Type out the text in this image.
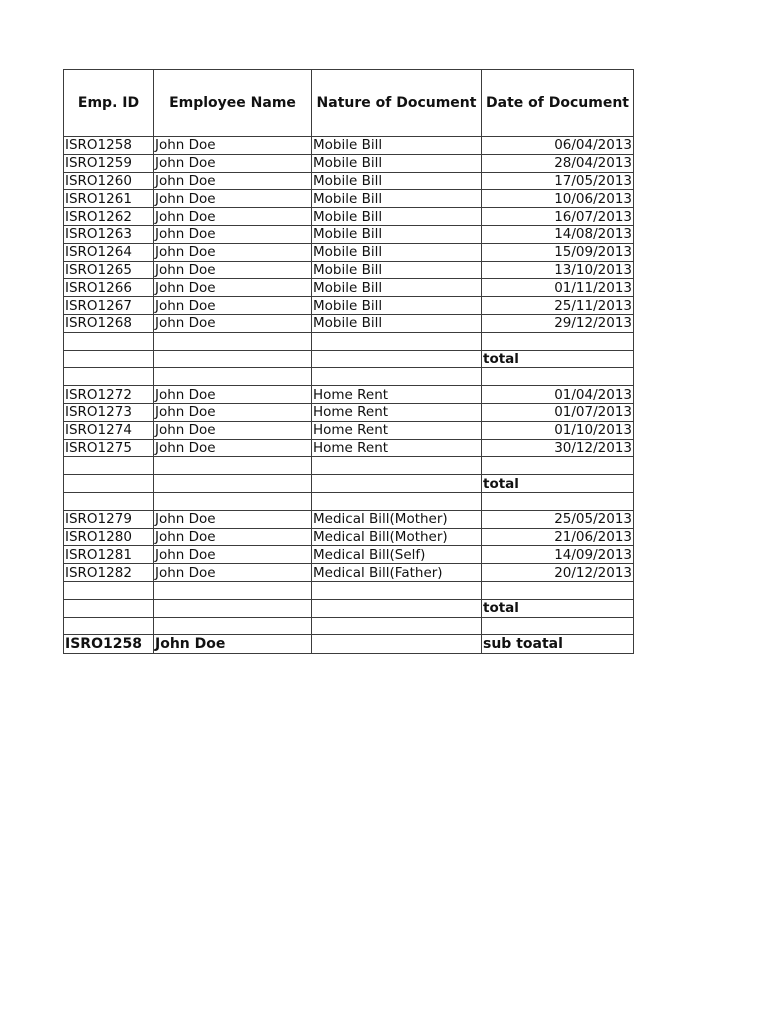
Emp. ID	Employee Name	Nature of Document	Date of Document
ISRO1258	John Doe	Mobile Bill	06/04/2013
ISRO1259	John Doe	Mobile Bill	28/04/2013
ISRO1260	John Doe	Mobile Bill	17/05/2013
ISRO1261	John Doe	Mobile Bill	10/06/2013
ISRO1262	John Doe	Mobile Bill	16/07/2013
ISRO1263	John Doe	Mobile Bill	14/08/2013
ISRO1264	John Doe	Mobile Bill	15/09/2013
ISRO1265	John Doe	Mobile Bill	13/10/2013
ISRO1266	John Doe	Mobile Bill	01/11/2013
ISRO1267	John Doe	Mobile Bill	25/11/2013
ISRO1268	John Doe	Mobile Bill	29/12/2013

			total

ISRO1272	John Doe	Home Rent	01/04/2013
ISRO1273	John Doe	Home Rent	01/07/2013
ISRO1274	John Doe	Home Rent	01/10/2013
ISRO1275	John Doe	Home Rent	30/12/2013

			total

ISRO1279	John Doe	Medical Bill(Mother)	25/05/2013
ISRO1280	John Doe	Medical Bill(Mother)	21/06/2013
ISRO1281	John Doe	Medical Bill(Self)	14/09/2013
ISRO1282	John Doe	Medical Bill(Father)	20/12/2013

			total

ISRO1258	John Doe		sub toatal
